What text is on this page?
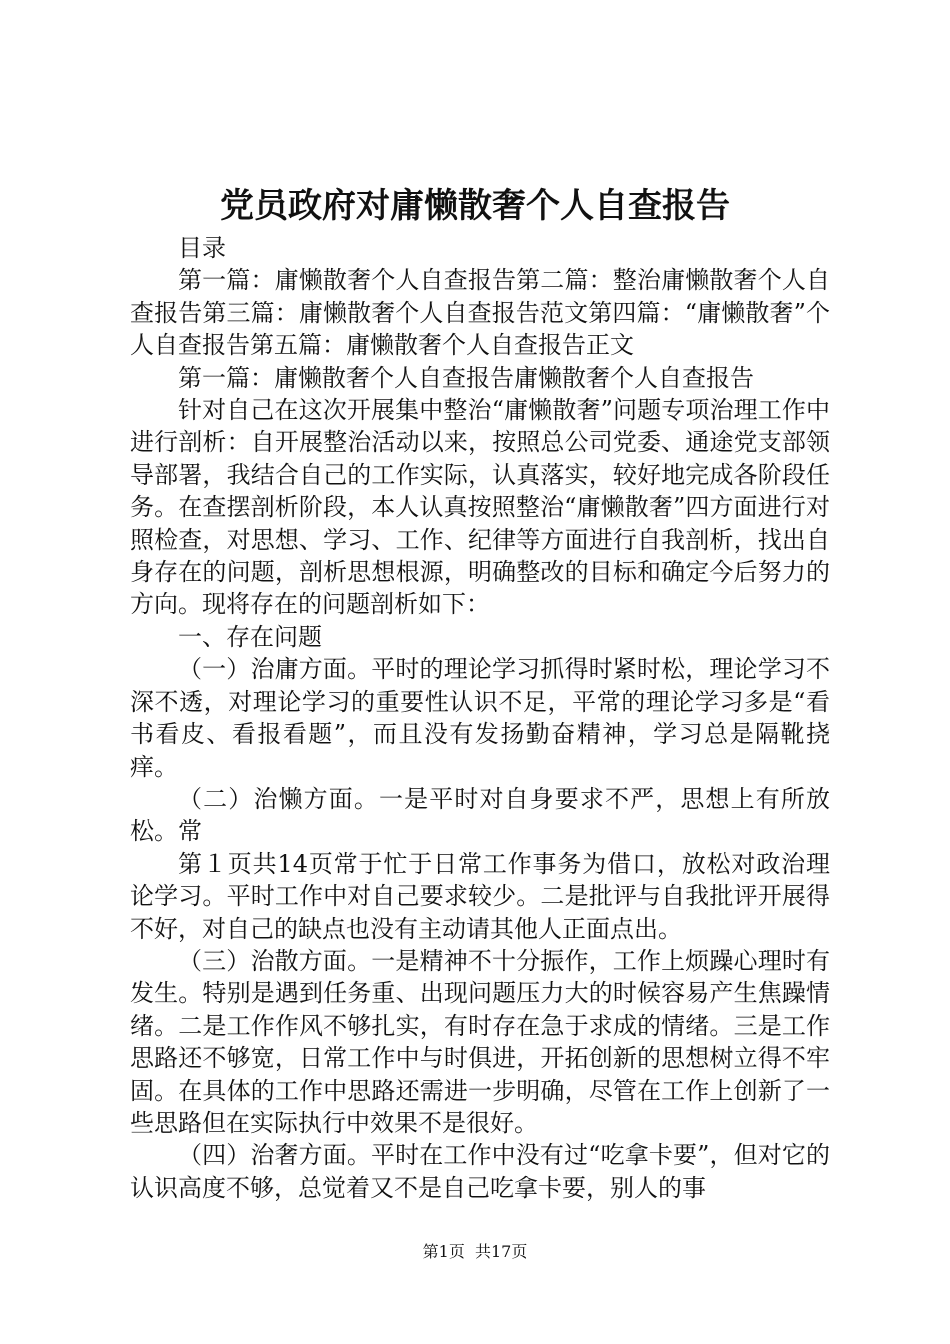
党员政府对庸懒散奢个人自查报告

目录

第一篇：庸懒散奢个人自查报告第二篇：整治庸懒散奢个人自查报告第三篇：庸懒散奢个人自查报告范文第四篇：“庸懒散奢”个人自查报告第五篇：庸懒散奢个人自查报告正文

第一篇：庸懒散奢个人自查报告庸懒散奢个人自查报告

针对自己在这次开展集中整治“庸懒散奢”问题专项治理工作中进行剖析：自开展整治活动以来，按照总公司党委、通途党支部领导部署，我结合自己的工作实际，认真落实，较好地完成各阶段任务。在查摆剖析阶段，本人认真按照整治“庸懒散奢”四方面进行对照检查，对思想、学习、工作、纪律等方面进行自我剖析，找出自身存在的问题，剖析思想根源，明确整改的目标和确定今后努力的方向。现将存在的问题剖析如下：

一、存在问题

（一）治庸方面。平时的理论学习抓得时紧时松，理论学习不深不透，对理论学习的重要性认识不足，平常的理论学习多是“看书看皮、看报看题”，而且没有发扬勤奋精神，学习总是隔靴挠痒。

（二）治懒方面。一是平时对自身要求不严，思想上有所放松。常

第１页共14页常于忙于日常工作事务为借口，放松对政治理论学习。平时工作中对自己要求较少。二是批评与自我批评开展得不好，对自己的缺点也没有主动请其他人正面点出。

（三）治散方面。一是精神不十分振作，工作上烦躁心理时有发生。特别是遇到任务重、出现问题压力大的时候容易产生焦躁情绪。二是工作作风不够扎实，有时存在急于求成的情绪。三是工作思路还不够宽，日常工作中与时俱进，开拓创新的思想树立得不牢固。在具体的工作中思路还需进一步明确，尽管在工作上创新了一些思路但在实际执行中效果不是很好。

（四）治奢方面。平时在工作中没有过“吃拿卡要”，但对它的认识高度不够，总觉着又不是自己吃拿卡要，别人的事

第1页  共17页
